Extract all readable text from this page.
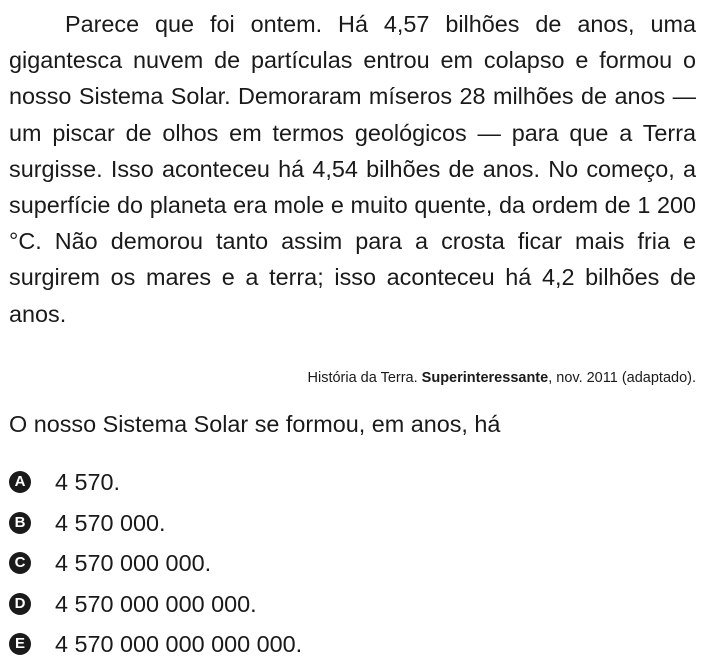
Parece que foi ontem. Há 4,57 bilhões de anos, uma gigantesca nuvem de partículas entrou em colapso e formou o nosso Sistema Solar. Demoraram míseros 28 milhões de anos — um piscar de olhos em termos geológicos — para que a Terra surgisse. Isso aconteceu há 4,54 bilhões de anos. No começo, a superfície do planeta era mole e muito quente, da ordem de 1 200 °C. Não demorou tanto assim para a crosta ficar mais fria e surgirem os mares e a terra; isso aconteceu há 4,2 bilhões de anos.

História da Terra. Superinteressante, nov. 2011 (adaptado).

O nosso Sistema Solar se formou, em anos, há

A 4 570.
B 4 570 000.
C 4 570 000 000.
D 4 570 000 000 000.
E 4 570 000 000 000 000.
